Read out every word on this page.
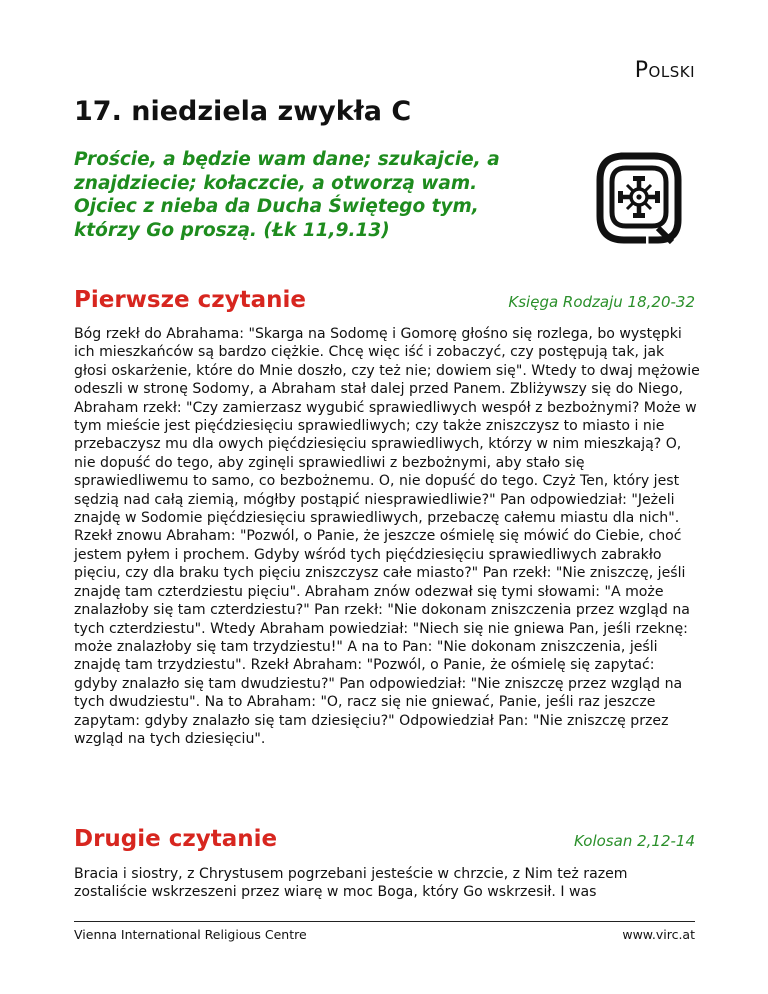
Polski
17. niedziela zwykła C

Proście, a będzie wam dane; szukajcie, a znajdziecie; kołaczcie, a otworzą wam. Ojciec z nieba da Ducha Świętego tym, którzy Go proszą. (Łk 11,9.13)

Pierwsze czytanie	Księga Rodzaju 18,20-32

Bóg rzekł do Abrahama: "Skarga na Sodomę i Gomorę głośno się rozlega, bo występki ich mieszkańców są bardzo ciężkie. Chcę więc iść i zobaczyć, czy postępują tak, jak głosi oskarżenie, które do Mnie doszło, czy też nie; dowiem się". Wtedy to dwaj mężowie odeszli w stronę Sodomy, a Abraham stał dalej przed Panem. Zbliżywszy się do Niego, Abraham rzekł: "Czy zamierzasz wygubić sprawiedliwych wespół z bezbożnymi? Może w tym mieście jest pięćdziesięciu sprawiedliwych; czy także zniszczysz to miasto i nie przebaczysz mu dla owych pięćdziesięciu sprawiedliwych, którzy w nim mieszkają? O, nie dopuść do tego, aby zginęli sprawiedliwi z bezbożnymi, aby stało się sprawiedliwemu to samo, co bezbożnemu. O, nie dopuść do tego. Czyż Ten, który jest sędzią nad całą ziemią, mógłby postąpić niesprawiedliwie?" Pan odpowiedział: "Jeżeli znajdę w Sodomie pięćdziesięciu sprawiedliwych, przebaczę całemu miastu dla nich". Rzekł znowu Abraham: "Pozwól, o Panie, że jeszcze ośmielę się mówić do Ciebie, choć jestem pyłem i prochem. Gdyby wśród tych pięćdziesięciu sprawiedliwych zabrakło pięciu, czy dla braku tych pięciu zniszczysz całe miasto?" Pan rzekł: "Nie zniszczę, jeśli znajdę tam czterdziestu pięciu". Abraham znów odezwał się tymi słowami: "A może znalazłoby się tam czterdziestu?" Pan rzekł: "Nie dokonam zniszczenia przez wzgląd na tych czterdziestu". Wtedy Abraham powiedział: "Niech się nie gniewa Pan, jeśli rzeknę: może znalazłoby się tam trzydziestu!" A na to Pan: "Nie dokonam zniszczenia, jeśli znajdę tam trzydziestu". Rzekł Abraham: "Pozwól, o Panie, że ośmielę się zapytać: gdyby znalazło się tam dwudziestu?" Pan odpowiedział: "Nie zniszczę przez wzgląd na tych dwudziestu". Na to Abraham: "O, racz się nie gniewać, Panie, jeśli raz jeszcze zapytam: gdyby znalazło się tam dziesięciu?" Odpowiedział Pan: "Nie zniszczę przez wzgląd na tych dziesięciu".

Drugie czytanie	Kolosan 2,12-14

Bracia i siostry, z Chrystusem pogrzebani jesteście w chrzcie, z Nim też razem zostaliście wskrzeszeni przez wiarę w moc Boga, który Go wskrzesił. I was

Vienna International Religious Centre	www.virc.at
